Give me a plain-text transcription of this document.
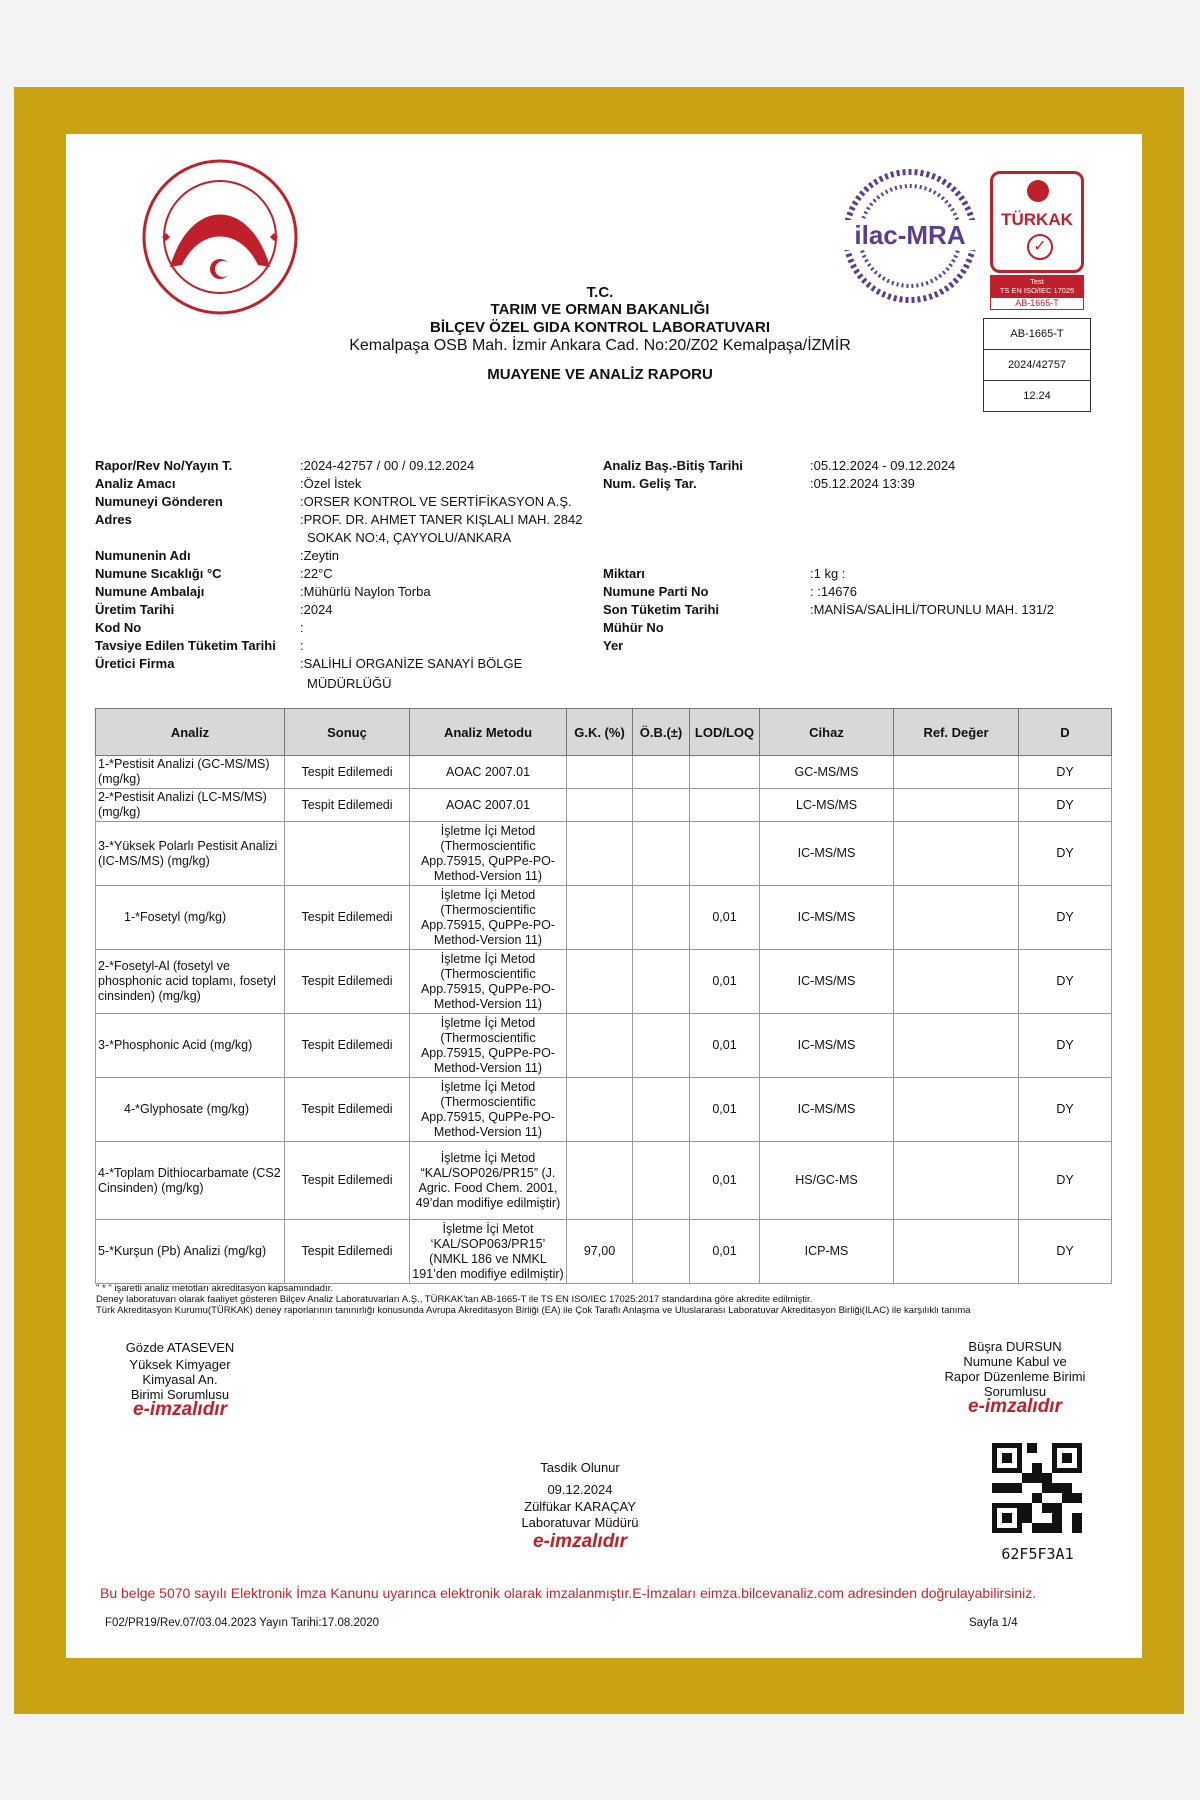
ilac-MRA
TÜRKAK
✓
Test
TS EN ISO/IEC 17025
AB-1665-T
T.C.
TARIM VE ORMAN BAKANLIĞI
BİLÇEV ÖZEL GIDA KONTROL LABORATUVARI
Kemalpaşa OSB Mah. İzmir Ankara Cad. No:20/Z02 Kemalpaşa/İZMİR
MUAYENE VE ANALİZ RAPORU
AB-1665-T
2024/42757
12.24
Rapor/Rev No/Yayın T.	:2024-42757 / 00 / 09.12.2024
Analiz Amacı	:Özel İstek
Numuneyi Gönderen	:ORSER KONTROL VE SERTİFİKASYON A.Ş.
Adres	:PROF. DR. AHMET TANER KIŞLALI MAH. 2842
SOKAK NO:4, ÇAYYOLU/ANKARA
Numunenin Adı	:Zeytin
Numune Sıcaklığı °C	:22°C
Numune Ambalajı	:Mühürlü Naylon Torba
Üretim Tarihi	:2024
Kod No	:
Tavsiye Edilen Tüketim Tarihi :
Üretici Firma	:SALİHLİ ORGANİZE SANAYİ BÖLGE
MÜDÜRLÜĞÜ
Analiz Baş.-Bitiş Tarihi	:05.12.2024 - 09.12.2024
Num. Geliş Tar.	:05.12.2024 13:39
Miktarı	:1 kg :
Numune Parti No	: :14676
Son Tüketim Tarihi	:MANİSA/SALİHLİ/TORUNLU MAH. 131/2
Mühür No
Yer
Analiz	Sonuç	Analiz Metodu	G.K. (%)	Ö.B.(±)	LOD/LOQ	Cihaz	Ref. Değer	D
1-*Pestisit Analizi (GC-MS/MS) (mg/kg)	Tespit Edilemedi	AOAC 2007.01				GC-MS/MS		DY
2-*Pestisit Analizi (LC-MS/MS) (mg/kg)	Tespit Edilemedi	AOAC 2007.01				LC-MS/MS		DY
3-*Yüksek Polarlı Pestisit Analizi (IC-MS/MS) (mg/kg)		İşletme İçi Metod (Thermoscientific App.75915, QuPPe-PO-Method-Version 11)				IC-MS/MS		DY
1-*Fosetyl (mg/kg)	Tespit Edilemedi	İşletme İçi Metod (Thermoscientific App.75915, QuPPe-PO-Method-Version 11)			0,01	IC-MS/MS		DY
2-*Fosetyl-Al (fosetyl ve phosphonic acid toplamı, fosetyl cinsinden) (mg/kg)	Tespit Edilemedi	İşletme İçi Metod (Thermoscientific App.75915, QuPPe-PO-Method-Version 11)			0,01	IC-MS/MS		DY
3-*Phosphonic Acid (mg/kg)	Tespit Edilemedi	İşletme İçi Metod (Thermoscientific App.75915, QuPPe-PO-Method-Version 11)			0,01	IC-MS/MS		DY
4-*Glyphosate (mg/kg)	Tespit Edilemedi	İşletme İçi Metod (Thermoscientific App.75915, QuPPe-PO-Method-Version 11)			0,01	IC-MS/MS		DY
4-*Toplam Dithiocarbamate (CS2 Cinsinden) (mg/kg)	Tespit Edilemedi	İşletme İçi Metod “KAL/SOP026/PR15” (J. Agric. Food Chem. 2001, 49’dan modifiye edilmiştir)			0,01	HS/GC-MS		DY
5-*Kurşun (Pb) Analizi (mg/kg)	Tespit Edilemedi	İşletme İçi Metot ‘KAL/SOP063/PR15’ (NMKL 186 ve NMKL 191’den modifiye edilmiştir)	97,00		0,01	ICP-MS		DY
" * " işaretli analiz metotları akreditasyon kapsamındadır.
Deney laboratuvarı olarak faaliyet gösteren Bilçev Analiz Laboratuvarları A.Ş., TÜRKAK'tan AB-1665-T ile TS EN ISO/IEC 17025:2017 standardına göre akredite edilmiştir.
Türk Akreditasyon Kurumu(TÜRKAK) deney raporlarının tanınırlığı konusunda Avrupa Akreditasyon Birliği (EA) ile Çok Taraflı Anlaşma ve Uluslararası Laboratuvar Akreditasyon Birliği(ILAC) ile karşılıklı tanıma
Gözde ATASEVEN
Yüksek Kimyager
Kimyasal An.
Birimi Sorumlusu
e-imzalıdır
Büşra DURSUN
Numune Kabul ve
Rapor Düzenleme Birimi
Sorumlusu
e-imzalıdır
Tasdik Olunur
09.12.2024
Zülfükar KARAÇAY
Laboratuvar Müdürü
e-imzalıdır
62F5F3A1
Bu belge 5070 sayılı Elektronik İmza Kanunu uyarınca elektronik olarak imzalanmıştır.E-İmzaları eimza.bilcevanaliz.com adresinden doğrulayabilirsiniz.
F02/PR19/Rev.07/03.04.2023 Yayın Tarihi:17.08.2020	Sayfa 1/4
